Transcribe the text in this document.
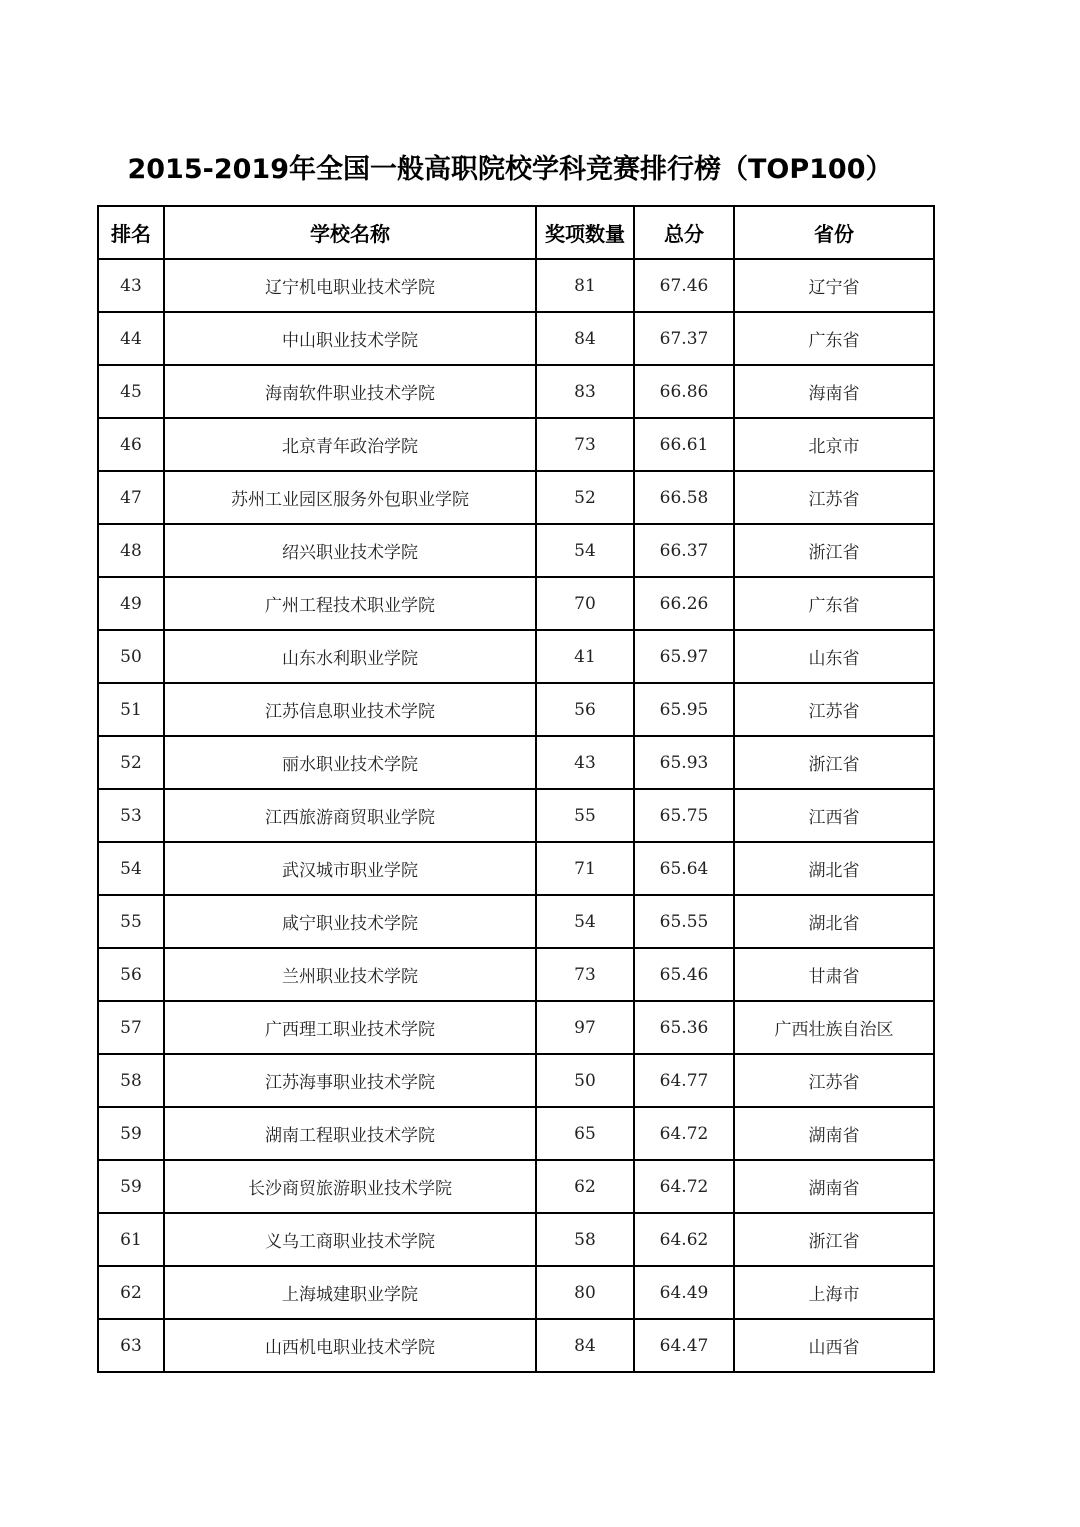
2015-2019年全国一般高职院校学科竞赛排行榜（TOP100）
排名	学校名称	奖项数量	总分	省份
43	辽宁机电职业技术学院	81	67.46	辽宁省
44	中山职业技术学院	84	67.37	广东省
45	海南软件职业技术学院	83	66.86	海南省
46	北京青年政治学院	73	66.61	北京市
47	苏州工业园区服务外包职业学院	52	66.58	江苏省
48	绍兴职业技术学院	54	66.37	浙江省
49	广州工程技术职业学院	70	66.26	广东省
50	山东水利职业学院	41	65.97	山东省
51	江苏信息职业技术学院	56	65.95	江苏省
52	丽水职业技术学院	43	65.93	浙江省
53	江西旅游商贸职业学院	55	65.75	江西省
54	武汉城市职业学院	71	65.64	湖北省
55	咸宁职业技术学院	54	65.55	湖北省
56	兰州职业技术学院	73	65.46	甘肃省
57	广西理工职业技术学院	97	65.36	广西壮族自治区
58	江苏海事职业技术学院	50	64.77	江苏省
59	湖南工程职业技术学院	65	64.72	湖南省
59	长沙商贸旅游职业技术学院	62	64.72	湖南省
61	义乌工商职业技术学院	58	64.62	浙江省
62	上海城建职业学院	80	64.49	上海市
63	山西机电职业技术学院	84	64.47	山西省
